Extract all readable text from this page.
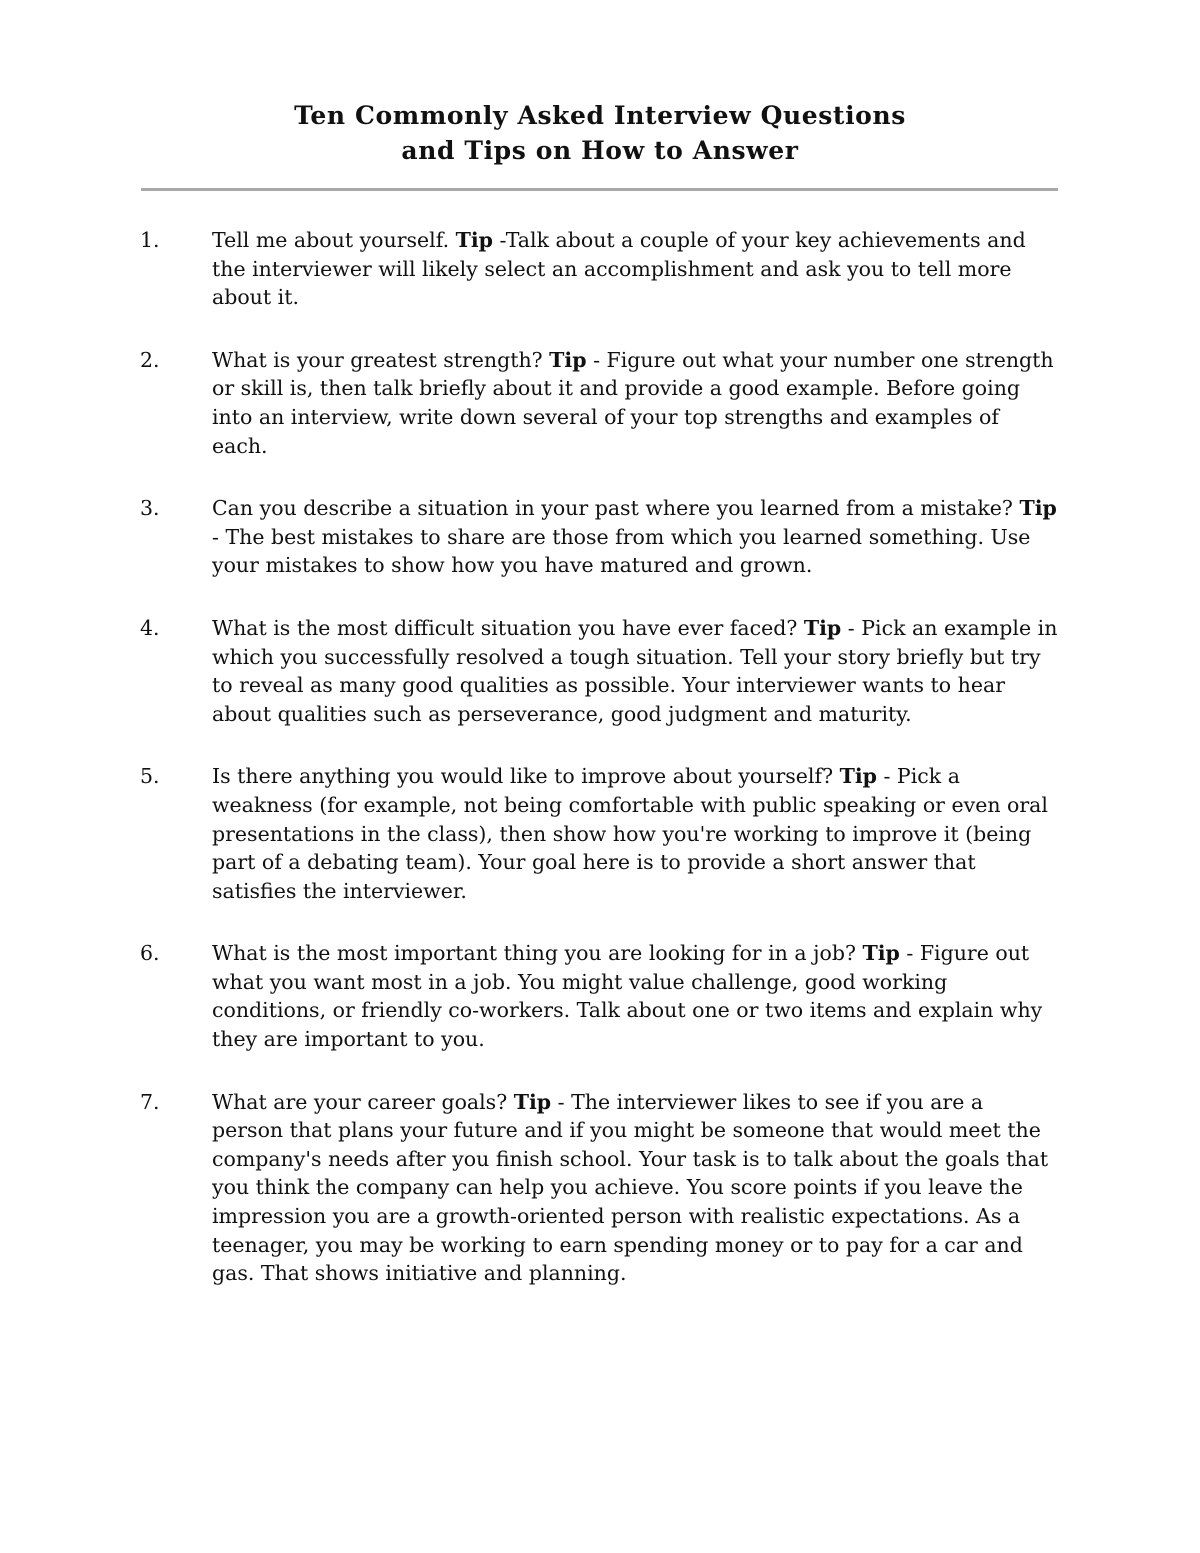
Ten Commonly Asked Interview Questions
and Tips on How to Answer
1.	Tell me about yourself. Tip -Talk about a couple of your key achievements and the interviewer will likely select an accomplishment and ask you to tell more about it.
2.	What is your greatest strength? Tip - Figure out what your number one strength or skill is, then talk briefly about it and provide a good example. Before going into an interview, write down several of your top strengths and examples of each.
3.	Can you describe a situation in your past where you learned from a mistake? Tip - The best mistakes to share are those from which you learned something. Use your mistakes to show how you have matured and grown.
4.	What is the most difficult situation you have ever faced? Tip - Pick an example in which you successfully resolved a tough situation. Tell your story briefly but try to reveal as many good qualities as possible. Your interviewer wants to hear about qualities such as perseverance, good judgment and maturity.
5.	Is there anything you would like to improve about yourself? Tip - Pick a weakness (for example, not being comfortable with public speaking or even oral presentations in the class), then show how you're working to improve it (being part of a debating team). Your goal here is to provide a short answer that satisfies the interviewer.
6.	What is the most important thing you are looking for in a job? Tip - Figure out what you want most in a job. You might value challenge, good working conditions, or friendly co-workers. Talk about one or two items and explain why they are important to you.
7.	What are your career goals? Tip - The interviewer likes to see if you are a person that plans your future and if you might be someone that would meet the company's needs after you finish school. Your task is to talk about the goals that you think the company can help you achieve. You score points if you leave the impression you are a growth-oriented person with realistic expectations. As a teenager, you may be working to earn spending money or to pay for a car and gas. That shows initiative and planning.
